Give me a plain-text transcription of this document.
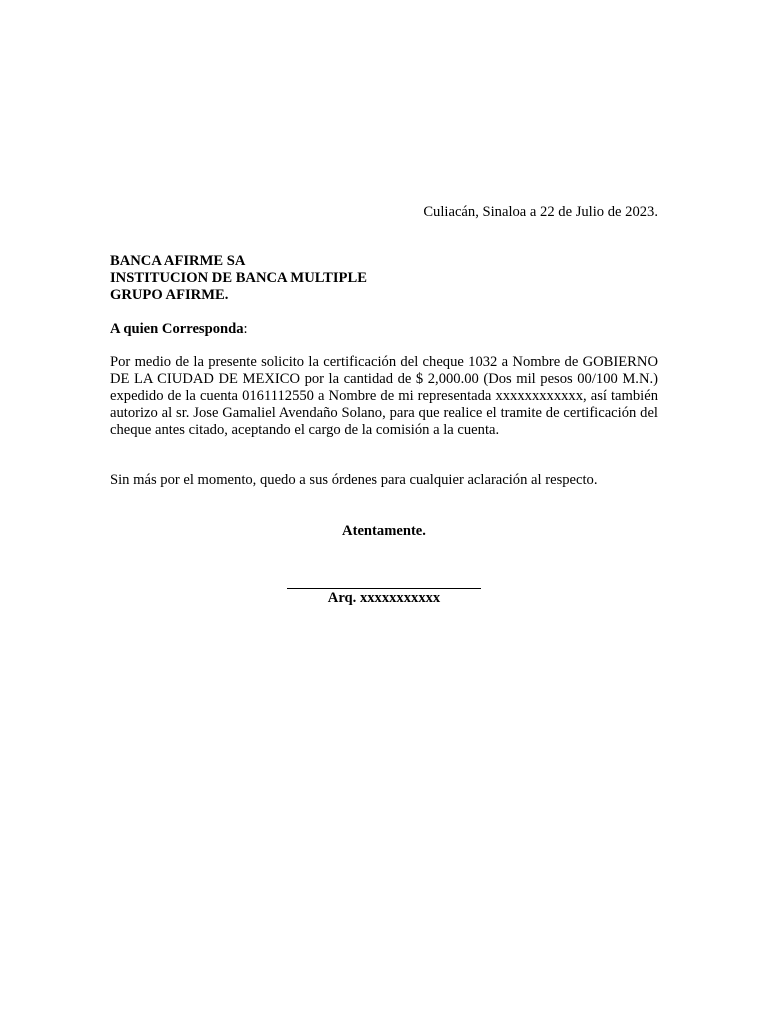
Culiacán, Sinaloa a 22 de Julio de 2023.
BANCA AFIRME SA
INSTITUCION DE BANCA MULTIPLE
GRUPO AFIRME.
A quien Corresponda:
Por medio de la presente solicito la certificación del cheque 1032 a Nombre de GOBIERNO DE LA CIUDAD DE MEXICO por la cantidad de $ 2,000.00 (Dos mil pesos 00/100 M.N.) expedido de la cuenta 0161112550 a Nombre de mi representada xxxxxxxxxxxx, así también autorizo al sr. Jose Gamaliel Avendaño Solano, para que realice el tramite de certificación del cheque antes citado, aceptando el cargo de la comisión a la cuenta.
Sin más por el momento, quedo a sus órdenes para cualquier aclaración al respecto.
Atentamente.
Arq. xxxxxxxxxxx
